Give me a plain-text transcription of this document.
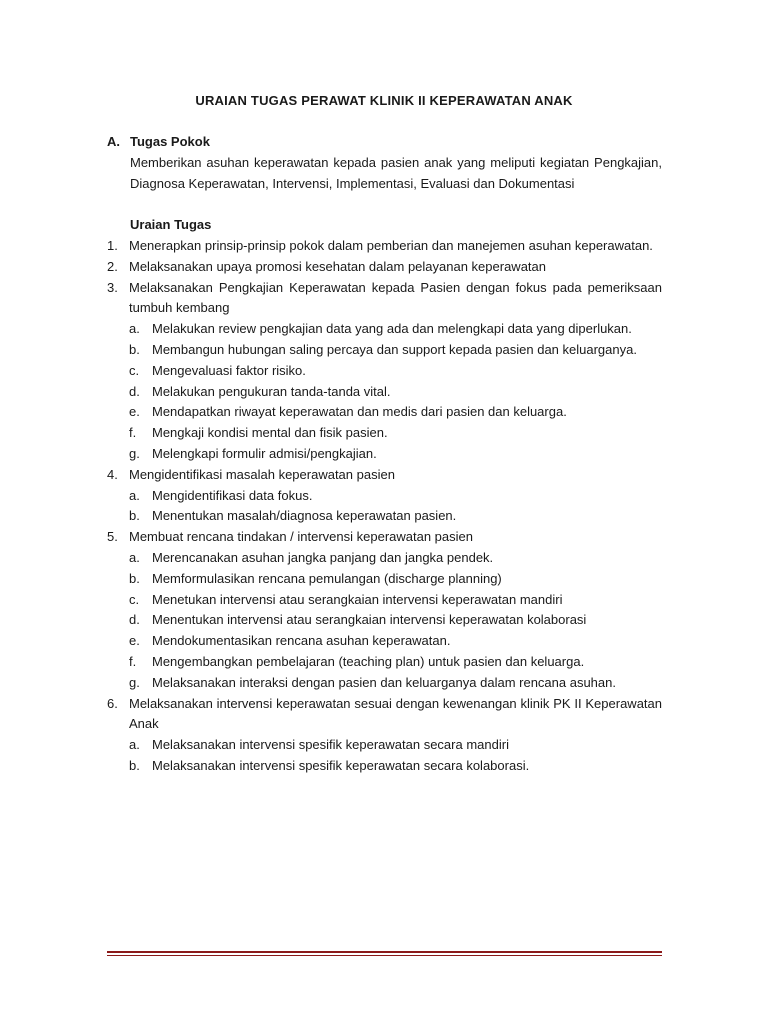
URAIAN TUGAS PERAWAT KLINIK II KEPERAWATAN ANAK
A. Tugas Pokok
Memberikan asuhan keperawatan kepada pasien anak yang meliputi kegiatan Pengkajian, Diagnosa Keperawatan, Intervensi, Implementasi, Evaluasi dan Dokumentasi
Uraian Tugas
1. Menerapkan prinsip-prinsip pokok dalam pemberian dan manejemen asuhan keperawatan.
2. Melaksanakan upaya promosi kesehatan dalam pelayanan keperawatan
3. Melaksanakan Pengkajian Keperawatan kepada Pasien dengan fokus pada pemeriksaan tumbuh kembang
a. Melakukan review pengkajian data yang ada dan melengkapi data yang diperlukan.
b. Membangun hubungan saling percaya dan support kepada pasien dan keluarganya.
c. Mengevaluasi faktor risiko.
d. Melakukan pengukuran tanda-tanda vital.
e. Mendapatkan riwayat keperawatan dan medis dari pasien dan keluarga.
f.	Mengkaji kondisi mental dan fisik pasien.
g. Melengkapi formulir admisi/pengkajian.
4. Mengidentifikasi masalah keperawatan pasien
a. Mengidentifikasi data fokus.
b. Menentukan masalah/diagnosa keperawatan pasien.
5. Membuat rencana tindakan / intervensi keperawatan pasien
a. Merencanakan asuhan jangka panjang dan jangka pendek.
b. Memformulasikan rencana pemulangan (discharge planning)
c. Menetukan intervensi atau serangkaian intervensi keperawatan mandiri
d. Menentukan intervensi atau serangkaian intervensi keperawatan kolaborasi
e. Mendokumentasikan rencana asuhan keperawatan.
f.	Mengembangkan pembelajaran (teaching plan) untuk pasien dan keluarga.
g. Melaksanakan interaksi dengan pasien dan keluarganya dalam rencana asuhan.
6. Melaksanakan intervensi keperawatan sesuai dengan kewenangan klinik PK II Keperawatan Anak
a. Melaksanakan intervensi spesifik keperawatan secara mandiri
b. Melaksanakan intervensi spesifik keperawatan secara kolaborasi.
